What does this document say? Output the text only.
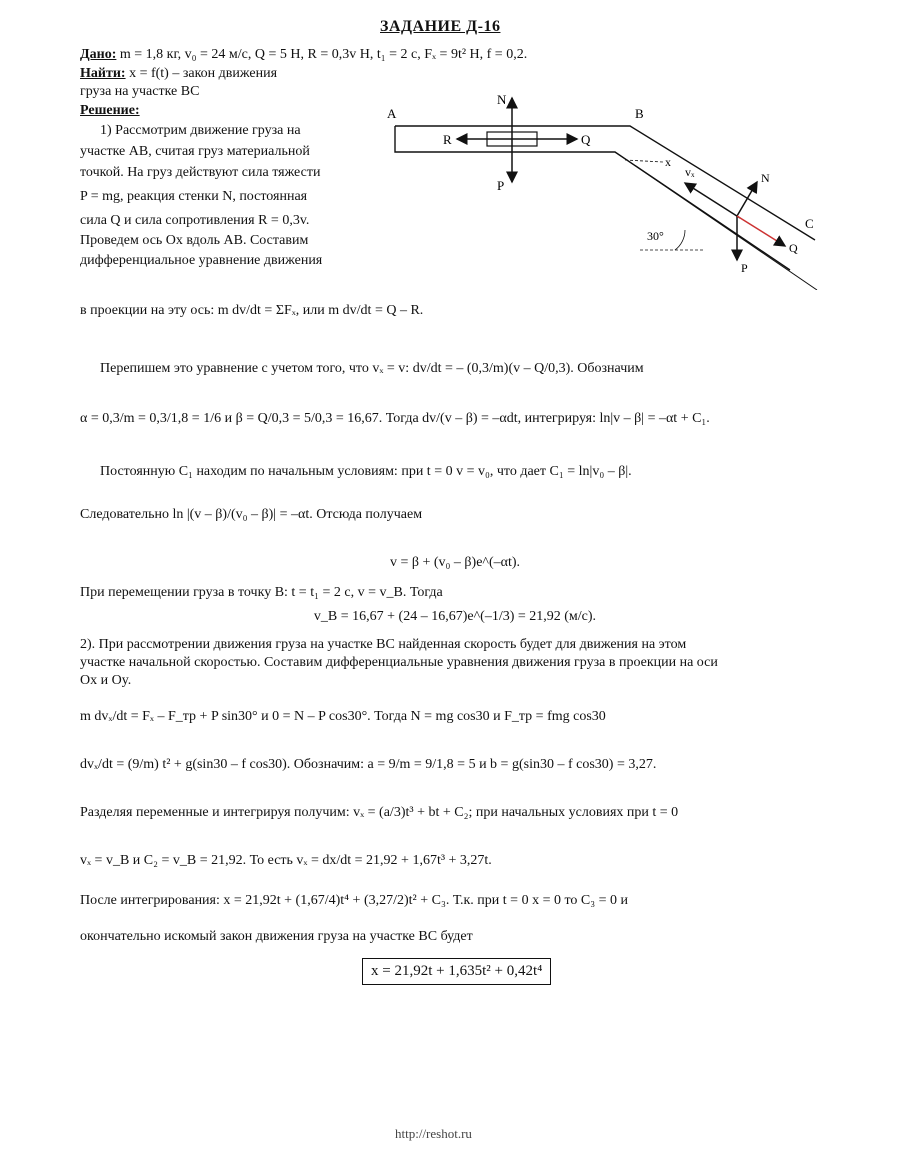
ЗАДАНИЕ Д-16
Дано: m = 1,8 кг, v₀ = 24 м/с, Q = 5 Н, R = 0,3v Н, t₁ = 2 с, Fₓ = 9t² Н, f = 0,2.
Найти: x = f(t) – закон движения
груза на участке BC
Решение:
1) Рассмотрим движение груза на
участке AB, считая груз материальной
точкой. На груз действуют сила тяжести
P = mg, реакция стенки N, постоянная
сила Q и сила сопротивления R = 0,3v.
Проведем ось Ox вдоль AB. Составим
дифференциальное уравнение движения
A	B
C
N
R	Q
P
x
vₓ	N
Q
P
30°
в проекции на эту ось: m dv/dt = ΣFₓ, или m dv/dt = Q – R.
Перепишем это уравнение с учетом того, что vₓ = v: dv/dt = – (0,3/m)(v – Q/0,3). Обозначим
α = 0,3/m = 0,3/1,8 = 1/6 и β = Q/0,3 = 5/0,3 = 16,67. Тогда dv/(v – β) = –αdt, интегрируя: ln|v – β| = –αt + C₁.
Постоянную C₁ находим по начальным условиям: при t = 0 v = v₀, что дает C₁ = ln|v₀ – β|.
Следовательно ln |(v – β)/(v₀ – β)| = –αt. Отсюда получаем
v = β + (v₀ – β)e^(–αt).
При перемещении груза в точку B: t = t₁ = 2 с, v = v_B. Тогда
v_B = 16,67 + (24 – 16,67)e^(–1/3) = 21,92 (м/с).
2). При рассмотрении движения груза на участке BC найденная скорость будет для движения на этом
участке начальной скоростью. Составим дифференциальные уравнения движения груза в проекции на оси
Ox и Oy.
m dvₓ/dt = Fₓ – F_тр + P sin30° и 0 = N – P cos30°. Тогда N = mg cos30 и F_тр = fmg cos30
dvₓ/dt = (9/m) t² + g(sin30 – f cos30). Обозначим: a = 9/m = 9/1,8 = 5 и b = g(sin30 – f cos30) = 3,27.
Разделяя переменные и интегрируя получим: vₓ = (a/3)t³ + bt + C₂; при начальных условиях при t = 0
vₓ = v_B и C₂ = v_B = 21,92. То есть vₓ = dx/dt = 21,92 + 1,67t³ + 3,27t.
После интегрирования: x = 21,92t + (1,67/4)t⁴ + (3,27/2)t² + C₃. Т.к. при t = 0 x = 0 то C₃ = 0 и
окончательно искомый закон движения груза на участке BC будет
x = 21,92t + 1,635t² + 0,42t⁴
http://reshot.ru
